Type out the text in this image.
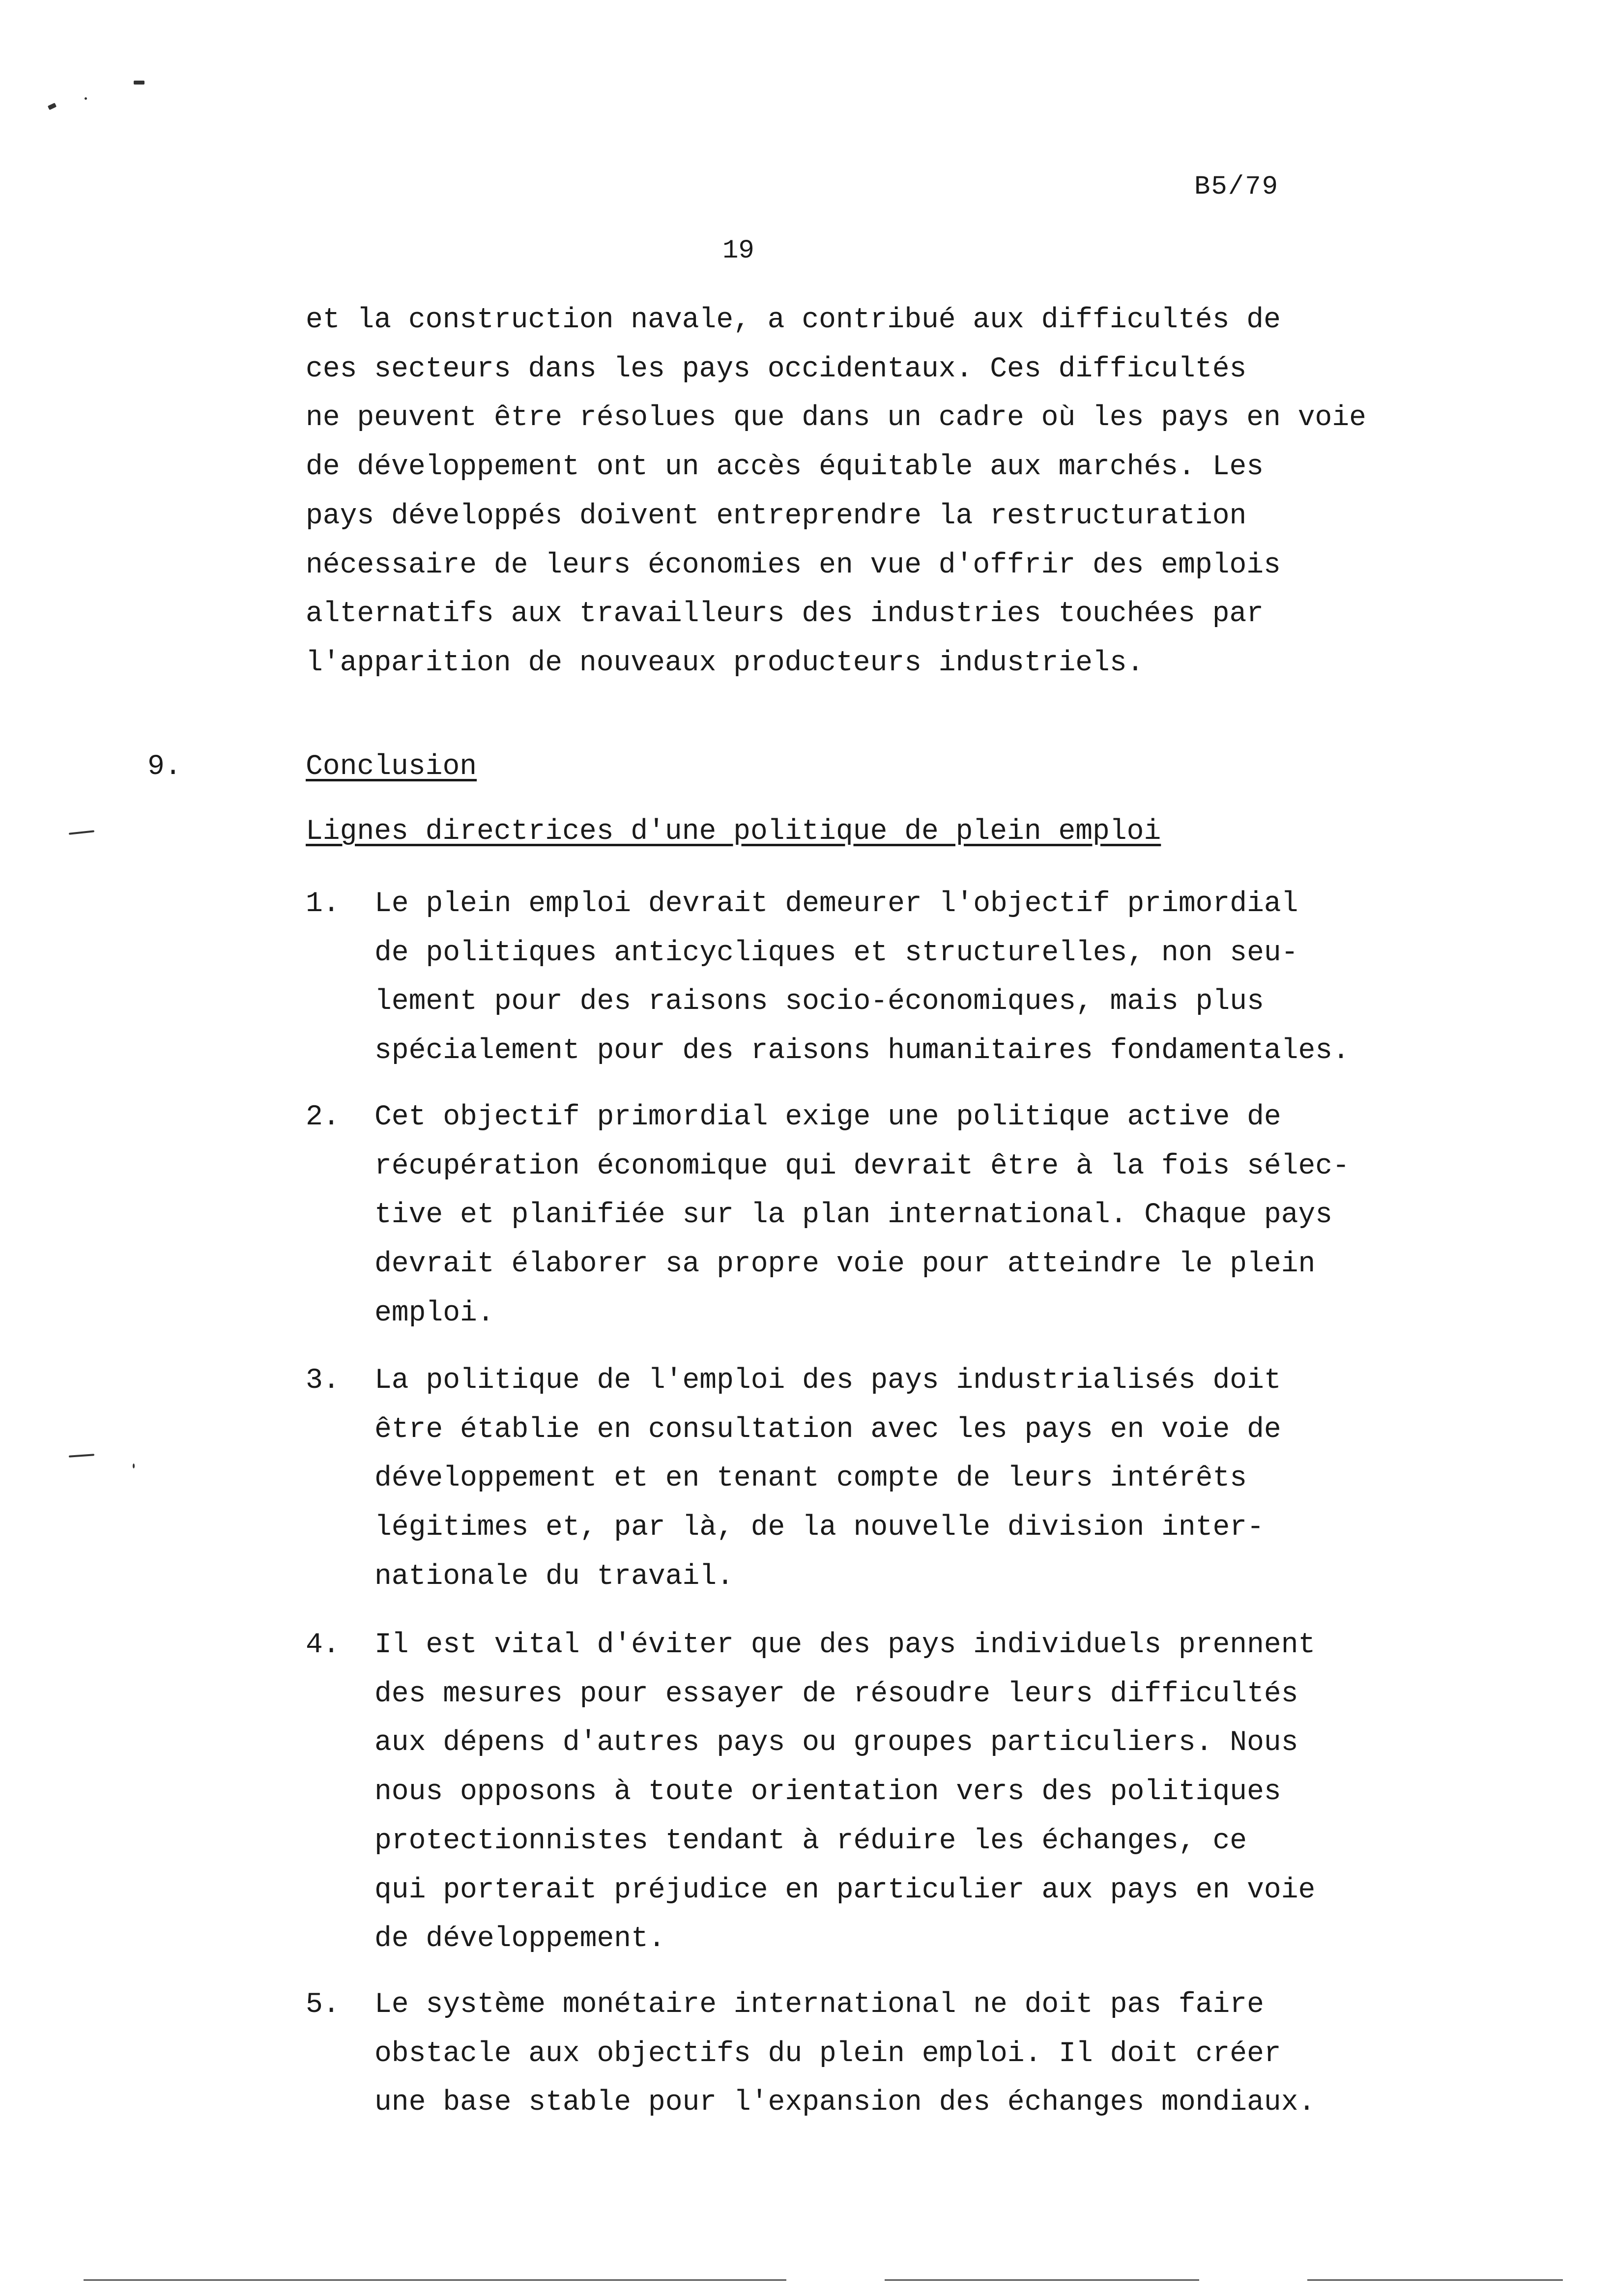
B5/79
19
et la construction navale, a contribué aux difficultés de
ces secteurs dans les pays occidentaux. Ces difficultés
ne peuvent être résolues que dans un cadre où les pays en voie
de développement ont un accès équitable aux marchés. Les
pays développés doivent entreprendre la restructuration
nécessaire de leurs économies en vue d'offrir des emplois
alternatifs aux travailleurs des industries touchées par
l'apparition de nouveaux producteurs industriels.
9.	Conclusion
Lignes directrices d'une politique de plein emploi
1. Le plein emploi devrait demeurer l'objectif primordial
de politiques anticycliques et structurelles, non seu-
lement pour des raisons socio-économiques, mais plus
spécialement pour des raisons humanitaires fondamentales.
2. Cet objectif primordial exige une politique active de
récupération économique qui devrait être à la fois sélec-
tive et planifiée sur la plan international. Chaque pays
devrait élaborer sa propre voie pour atteindre le plein
emploi.
3. La politique de l'emploi des pays industrialisés doit
être établie en consultation avec les pays en voie de
développement et en tenant compte de leurs intérêts
légitimes et, par là, de la nouvelle division inter-
nationale du travail.
4. Il est vital d'éviter que des pays individuels prennent
des mesures pour essayer de résoudre leurs difficultés
aux dépens d'autres pays ou groupes particuliers. Nous
nous opposons à toute orientation vers des politiques
protectionnistes tendant à réduire les échanges, ce
qui porterait préjudice en particulier aux pays en voie
de développement.
5. Le système monétaire international ne doit pas faire
obstacle aux objectifs du plein emploi. Il doit créer
une base stable pour l'expansion des échanges mondiaux.
